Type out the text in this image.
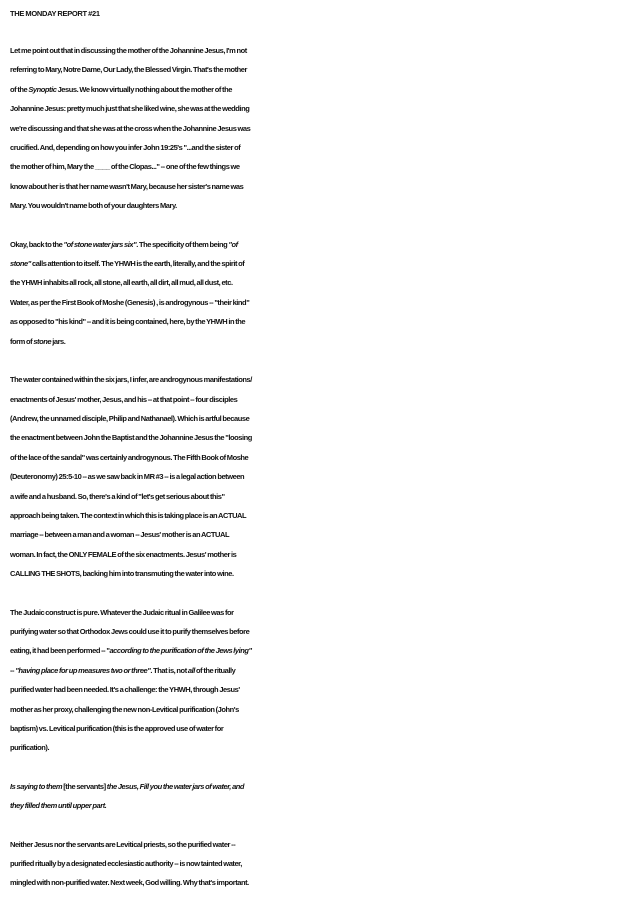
THE MONDAY REPORT #21

Let me point out that in discussing the mother of the Johannine Jesus, I'm not
referring to Mary, Notre Dame, Our Lady, the Blessed Virgin. That's the mother
of the Synoptic Jesus. We know virtually nothing about the mother of the
Johannine Jesus: pretty much just that she liked wine, she was at the wedding
we're discussing and that she was at the cross when the Johannine Jesus was
crucified. And, depending on how you infer John 19:25's "...and the sister of
the mother of him, Mary the ____ of the Clopas..." -- one of the few things we
know about her is that her name wasn't Mary, because her sister's name was
Mary. You wouldn't name both of your daughters Mary.

Okay, back to the "of stone water jars six". The specificity of them being "of
stone" calls attention to itself. The YHWH is the earth, literally, and the spirit of
the YHWH inhabits all rock, all stone, all earth, all dirt, all mud, all dust, etc.
Water, as per the First Book of Moshe (Genesis) , is androgynous -- "their kind"
as opposed to "his kind" -- and it is being contained, here, by the YHWH in the
form of stone jars.

The water contained within the six jars, I infer, are androgynous manifestations/
enactments of Jesus' mother, Jesus, and his -- at that point -- four disciples
(Andrew, the unnamed disciple, Philip and Nathanael). Which is artful because
the enactment between John the Baptist and the Johannine Jesus the "loosing
of the lace of the sandal" was certainly androgynous. The Fifth Book of Moshe
(Deuteronomy) 25:5-10 -- as we saw back in MR #3 -- is a legal action between
a wife and a husband. So, there's a kind of "let's get serious about this"
approach being taken. The context in which this is taking place is an ACTUAL
marriage -- between a man and a woman -- Jesus' mother is an ACTUAL
woman. In fact, the ONLY FEMALE of the six enactments. Jesus' mother is
CALLING THE SHOTS, backing him into transmuting the water into wine.

The Judaic construct is pure. Whatever the Judaic ritual in Galilee was for
purifying water so that Orthodox Jews could use it to purify themselves before
eating, it had been performed -- "according to the purification of the Jews lying"
-- "having place for up measures two or three". That is, not all of the ritually
purified water had been needed. It's a challenge: the YHWH, through Jesus'
mother as her proxy, challenging the new non-Levitical purification (John's
baptism) vs. Levitical purification (this is the approved use of water for
purification).

Is saying to them [the servants] the Jesus, Fill you the water jars of water, and
they filled them until upper part.

Neither Jesus nor the servants are Levitical priests, so the purified water --
purified ritually by a designated ecclesiastic authority -- is now tainted water,
mingled with non-purified water. Next week, God willing. Why that's important.
